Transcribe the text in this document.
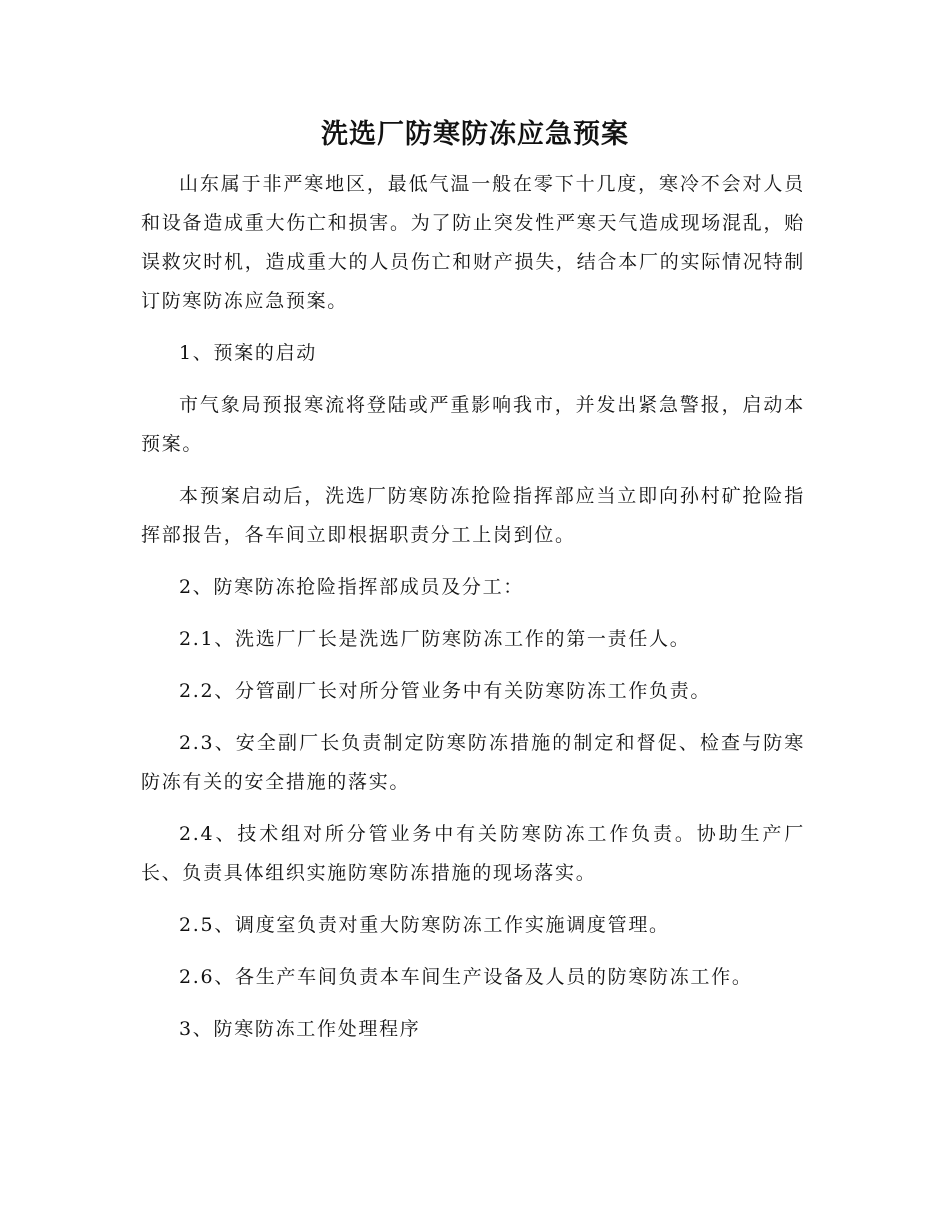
洗选厂防寒防冻应急预案

山东属于非严寒地区，最低气温一般在零下十几度，寒冷不会对人员和设备造成重大伤亡和损害。为了防止突发性严寒天气造成现场混乱，贻误救灾时机，造成重大的人员伤亡和财产损失，结合本厂的实际情况特制订防寒防冻应急预案。

1、预案的启动

市气象局预报寒流将登陆或严重影响我市，并发出紧急警报，启动本预案。

本预案启动后，洗选厂防寒防冻抢险指挥部应当立即向孙村矿抢险指挥部报告，各车间立即根据职责分工上岗到位。

2、防寒防冻抢险指挥部成员及分工：

2.1、洗选厂厂长是洗选厂防寒防冻工作的第一责任人。

2.2、分管副厂长对所分管业务中有关防寒防冻工作负责。

2.3、安全副厂长负责制定防寒防冻措施的制定和督促、检查与防寒防冻有关的安全措施的落实。

2.4、技术组对所分管业务中有关防寒防冻工作负责。协助生产厂长、负责具体组织实施防寒防冻措施的现场落实。

2.5、调度室负责对重大防寒防冻工作实施调度管理。

2.6、各生产车间负责本车间生产设备及人员的防寒防冻工作。

3、防寒防冻工作处理程序
